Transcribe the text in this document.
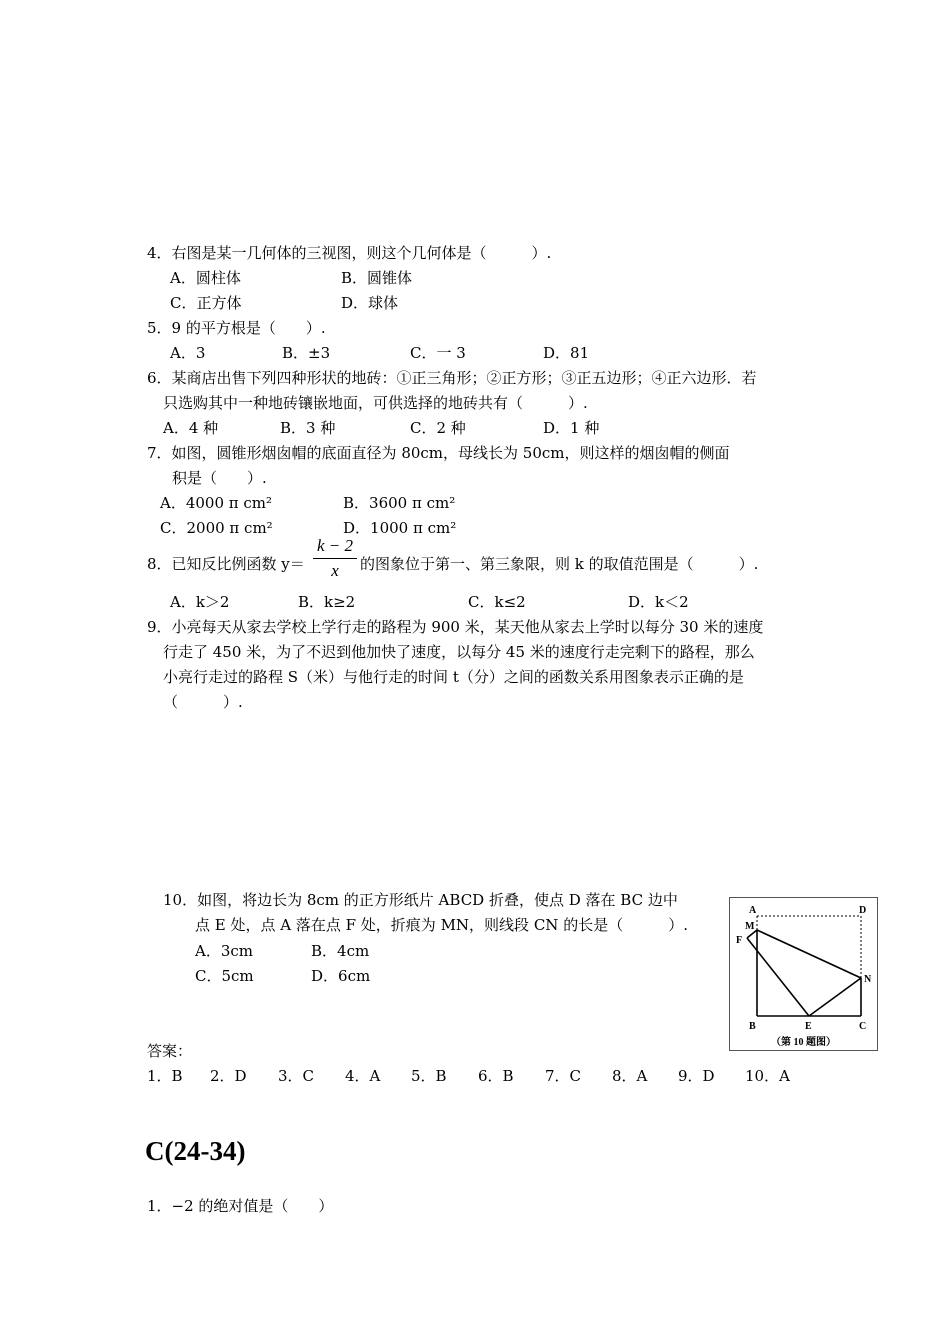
4．右图是某一几何体的三视图，则这个几何体是（　　　）.
A．圆柱体	B．圆锥体
C．正方体	D．球体
5．9 的平方根是（　　）.
A．3	B．±3	C．一 3	D．81
6．某商店出售下列四种形状的地砖：①正三角形；②正方形；③正五边形；④正六边形．若
只选购其中一种地砖镶嵌地面，可供选择的地砖共有（　　　）.
A．4 种	B．3 种	C．2 种	D．1 种
7．如图，圆锥形烟囱帽的底面直径为 80cm，母线长为 50cm，则这样的烟囱帽的侧面
积是（　　）.
A．4000 π cm²	B．3600 π cm²
C．2000 π cm²	D．1000 π cm²
8．已知反比例函数 y＝
k − 2
x	的图象位于第一、第三象限，则 k 的取值范围是（　　　）.
A．k＞2	B．k≥2	C．k≤2	D．k＜2
9．小亮每天从家去学校上学行走的路程为 900 米，某天他从家去上学时以每分 30 米的速度
行走了 450 米，为了不迟到他加快了速度，以每分 45 米的速度行走完剩下的路程，那么
小亮行走过的路程 S（米）与他行走的时间 t（分）之间的函数关系用图象表示正确的是
（　　　）.
10．如图，将边长为 8cm 的正方形纸片 ABCD 折叠，使点 D 落在 BC 边中
点 E 处，点 A 落在点 F 处，折痕为 MN，则线段 CN 的长是（　　　）.
A．3cm	B．4cm
C．5cm	D．6cm
A	D
M
F
N
B	E	C
（第 10 题图）
答案：
1．B 2．D 3．C 4．A 5．B 6．B 7．C 8．A 9．D 10．A
C(24-34)
1．−2 的绝对值是（　　）
